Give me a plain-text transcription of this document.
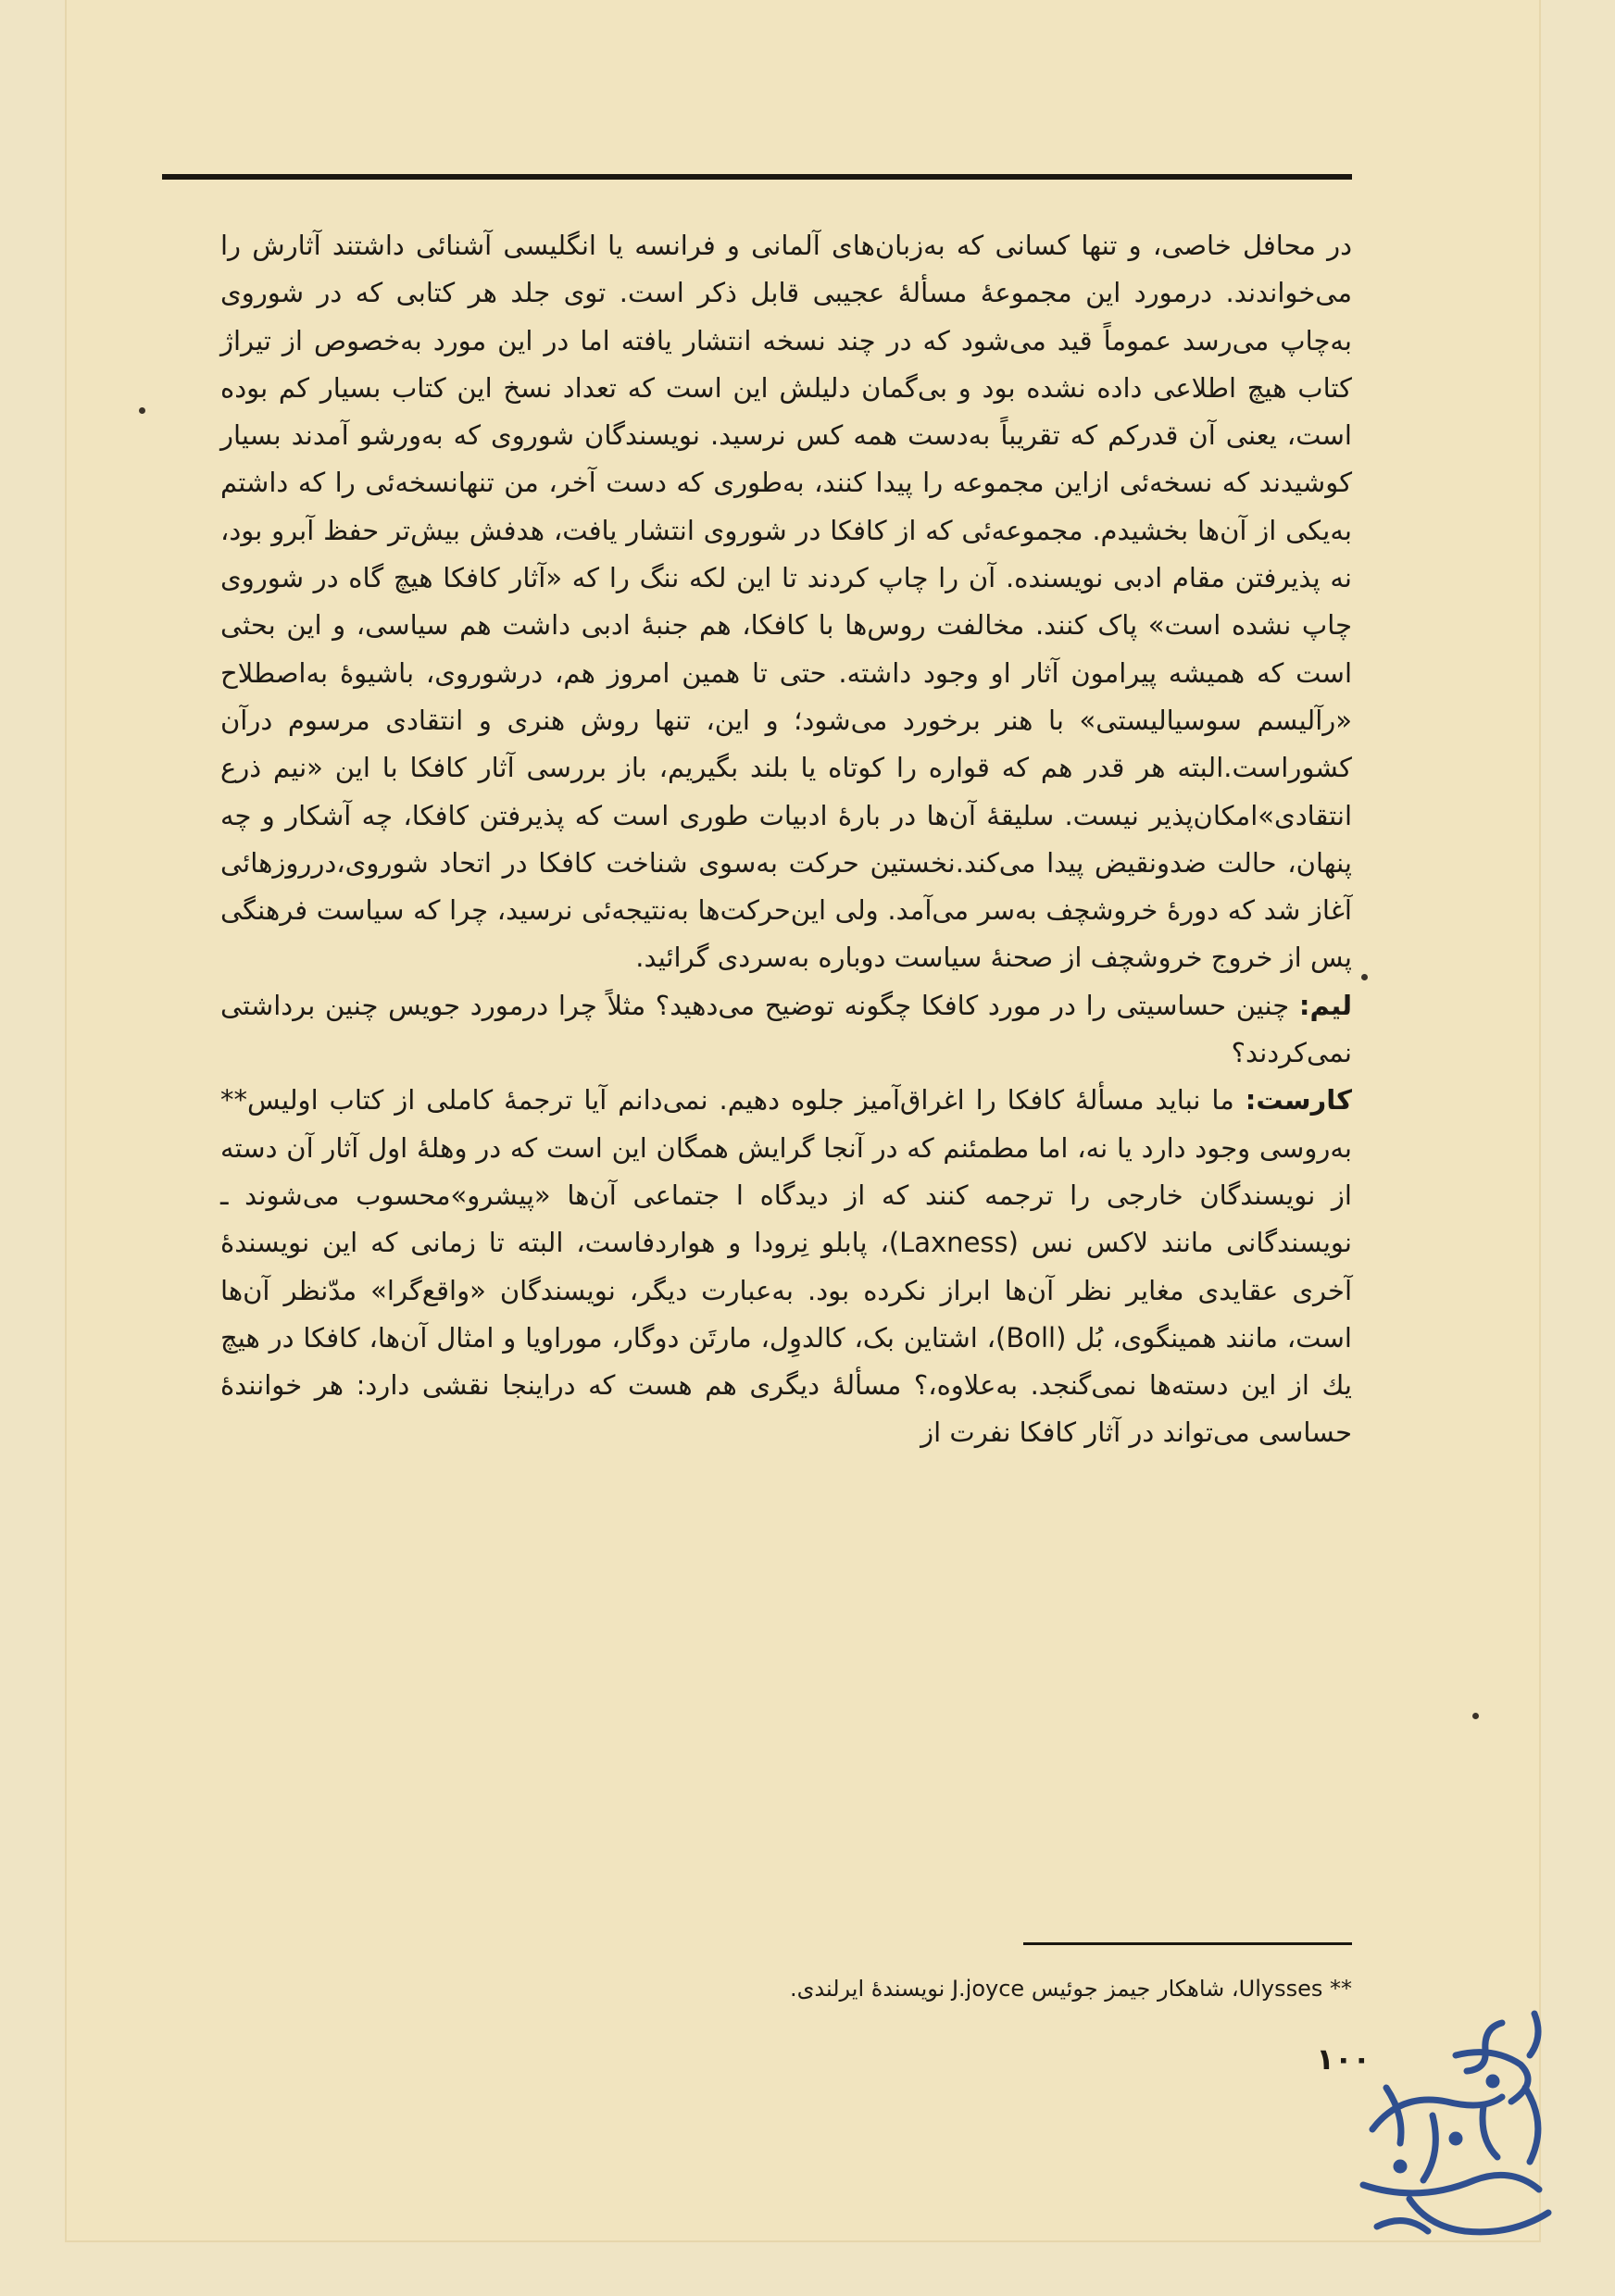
در محافل خاصی، و تنها کسانی که به‌زبان‌های آلمانی و فرانسه یا انگلیسی آشنائی داشتند آثارش را می‌خواندند. درمورد این مجموعهٔ مسألهٔ عجیبی قابل ذکر است. توی جلد هر کتابی که در شوروی به‌چاپ می‌رسد عموماً قید می‌شود که در چند نسخه انتشار یافته اما در این مورد به‌خصوص از تیراژ کتاب هیچ اطلاعی داده نشده بود و بی‌گمان دلیلش این است که تعداد نسخ این کتاب بسیار کم بوده است، یعنی آن قدرکم که تقریباً به‌دست همه کس نرسید. نویسندگان شوروی که به‌ورشو آمدند بسیار کوشیدند که نسخه‌ئی ازاین مجموعه را پیدا کنند، به‌طوری که دست آخر، من تنهانسخه‌ئی را که داشتم به‌یکی از آن‌ها بخشیدم. مجموعه‌ئی که از کافکا در شوروی انتشار یافت، هدفش بیش‌تر حفظ آبرو بود، نه پذیرفتن مقام ادبی نویسنده. آن را چاپ کردند تا این لکه ننگ را که «آثار کافکا هیچ گاه در شوروی چاپ نشده است» پاک کنند. مخالفت روس‌ها با کافکا، هم جنبهٔ ادبی داشت هم سیاسی، و این بحثی است که همیشه پیرامون آثار او وجود داشته. حتی تا همین امروز هم، درشوروی، باشیوهٔ به‌اصطلاح «رآلیسم سوسیالیستی» با هنر برخورد می‌شود؛ و این، تنها روش هنری و انتقادی مرسوم درآن کشوراست.البته هر قدر هم که قواره را کوتاه یا بلند بگیریم، باز بررسی آثار کافکا با این «نیم ذرع انتقادی»امکان‌پذیر نیست. سلیقهٔ آن‌ها در بارهٔ ادبیات طوری است که پذیرفتن کافکا، چه آشکار و چه پنهان، حالت ضدونقیض پیدا می‌کند.نخستین حرکت به‌سوی شناخت کافکا در اتحاد شوروی،درروزهائی آغاز شد که دورهٔ خروشچف به‌سر می‌آمد. ولی این‌حرکت‌ها به‌نتیجه‌ئی نرسید، چرا که سیاست فرهنگی پس از خروج خروشچف از صحنهٔ سیاست دوباره به‌سردی گرائید.

لیم: چنین حساسیتی را در مورد کافکا چگونه توضیح می‌دهید؟ مثلاً چرا درمورد جویس چنین برداشتی نمی‌کردند؟

کارست: ما نباید مسألهٔ کافکا را اغراق‌آمیز جلوه دهیم. نمی‌دانم آیا ترجمهٔ کاملی از کتاب اولیس** به‌روسی وجود دارد یا نه، اما مطمئنم که در آنجا گرایش همگان این است که در وهلهٔ اول آثار آن دسته از نویسندگان خارجی را ترجمه کنند که از دیدگاه ا جتماعی آن‌ها «پیشرو»محسوب می‌شوند ـ نویسندگانی مانند لاکس نس (Laxness)، پابلو نِرودا و هواردفاست، البته تا زمانی که این نویسندهٔ آخری عقایدی مغایر نظر آن‌ها ابراز نکرده بود. به‌عبارت دیگر، نویسندگان «واقع‌گرا» مدّنظر آن‌ها است، مانند همینگوی، بُل (Boll)، اشتاین بک، کالدوِل، مارتَن دوگار، موراویا و امثال آن‌ها، کافکا در هیچ یك از این دسته‌ها نمی‌گنجد. به‌علاوه،؟ مسألهٔ دیگری هم هست که دراینجا نقشی دارد: هر خوانندهٔ حساسی می‌تواند در آثار کافکا نفرت از

** Ulysses، شاهکار جیمز جوئیس J.joyce نویسندهٔ ایرلندی.
۱۰۰
